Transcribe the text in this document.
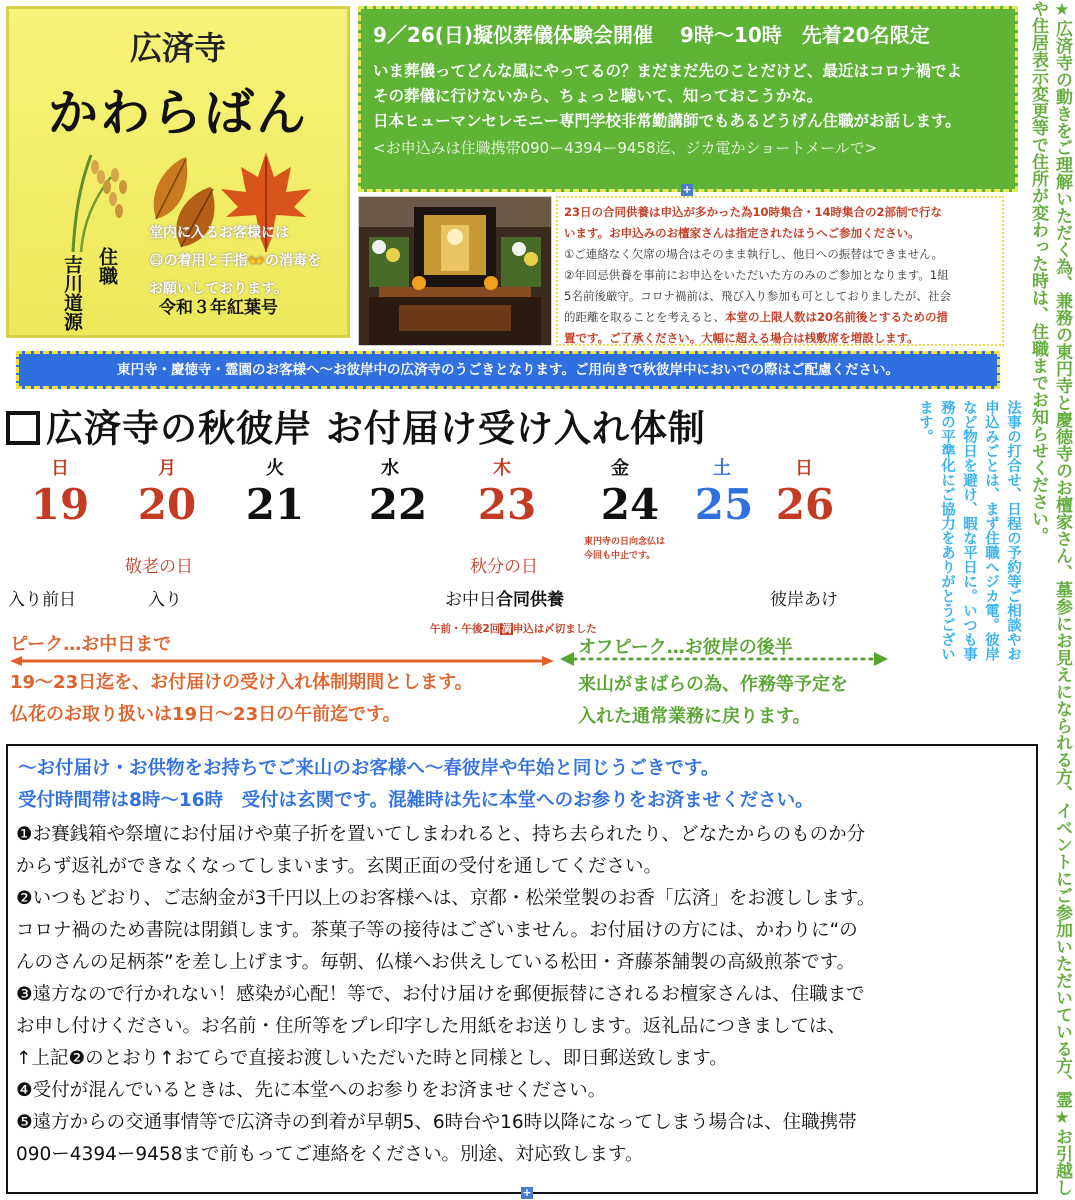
広済寺
かわらばん
堂内に入るお客様には
😷の着用と手指👐の消毒を
お願いしております。
住職
吉川道源	令和３年紅葉号
9／26(日)擬似葬儀体験会開催　 9時〜10時　先着20名限定
いま葬儀ってどんな風にやってるの？まだまだ先のことだけど、最近はコロナ禍でよ
その葬儀に行けないから、ちょっと聴いて、知っておこうかな。
日本ヒューマンセレモニー専門学校非常勤講師でもあるどうげん住職がお話します。
<お申込みは住職携帯090ー4394ー9458迄、ジカ電かショートメールで>
+
23日の合同供養は申込が多かった為10時集合・14時集合の2部制で行な
います。お申込みのお檀家さんは指定されたほうへご参加ください。
①ご連絡なく欠席の場合はそのまま執行し、他日への振替はできません。
②年回忌供養を事前にお申込をいただいた方のみのご参加となります。1組
5名前後厳守。コロナ禍前は、飛び入り参加も可としておりましたが、社会
的距離を取ることを考えると、本堂の上限人数は20名前後とするための措
置です。ご了承ください。大幅に超える場合は桟敷席を増設します。
東円寺・慶徳寺・霊園のお客様へ〜お彼岸中の広済寺のうごきとなります。ご用向きで秋彼岸中においでの際はご配慮ください。
広済寺の秋彼岸 お付届け受け入れ体制
日	月	火	水	木	金	土	日
19 20 21 22 23 24 25 26
敬老の日	秋分の日
入り前日	入り	お中日合同供養	彼岸あけ
東円寺の日向念仏は
今回も中止です。
午前・午後2回満申込は〆切ました
ピーク…お中日まで
19〜23日迄を、お付届けの受け入れ体制期間とします。
仏花のお取り扱いは19日〜23日の午前迄です。
オフピーク…お彼岸の後半
来山がまばらの為、作務等予定を
入れた通常業務に戻ります。
法事の打合せ、日程の予約等ご相談やお申込みごとは、まず住職へジカ電。彼岸など物日を避け、暇な平日に。いつも事務の平準化にご協力をありがとうございます。	★広済寺の動きをご理解いただく為、兼務の東円寺と慶徳寺のお檀家さん、墓参にお見えになられる方、イベントにご参加いただいている方、霊★お引越しや住居表示変更等で住所が変わった時は、住職までお知らせください。
〜お付届け・お供物をお持ちでご来山のお客様へ〜春彼岸や年始と同じうごきです。
受付時間帯は8時〜16時　受付は玄関です。混雑時は先に本堂へのお参りをお済ませください。
❶お賽銭箱や祭壇にお付届けや菓子折を置いてしまわれると、持ち去られたり、どなたからのものか分
からず返礼ができなくなってしまいます。玄関正面の受付を通してください。
❷いつもどおり、ご志納金が3千円以上のお客様へは、京都・松栄堂製のお香「広済」をお渡しします。
コロナ禍のため書院は閉鎖します。茶菓子等の接待はございません。お付届けの方には、かわりに“の
んのさんの足柄茶”を差し上げます。毎朝、仏様へお供えしている松田・斉藤茶舗製の高級煎茶です。
❸遠方なので行かれない！感染が心配！等で、お付け届けを郵便振替にされるお檀家さんは、住職まで
お申し付けください。お名前・住所等をプレ印字した用紙をお送りします。返礼品につきましては、
↑上記❷のとおり↑おてらで直接お渡しいただいた時と同様とし、即日郵送致します。
❹受付が混んでいるときは、先に本堂へのお参りをお済ませください。
❺遠方からの交通事情等で広済寺の到着が早朝5、6時台や16時以降になってしまう場合は、住職携帯
090ー4394ー9458まで前もってご連絡をください。別途、対応致します。
+
